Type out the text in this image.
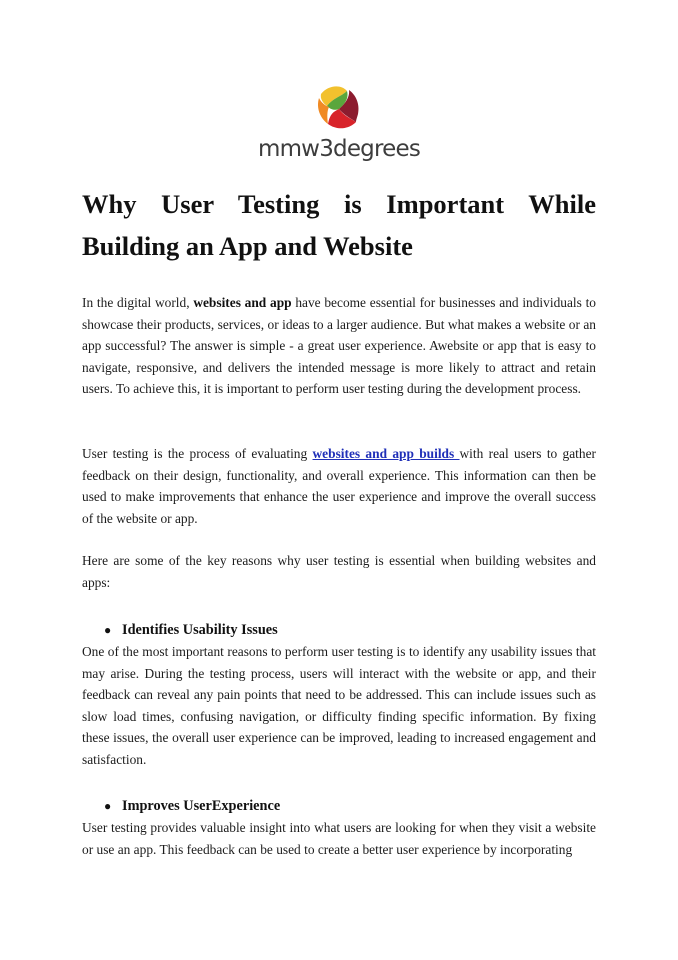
mmw3degrees
Why User Testing is Important While Building an App and Website

In the digital world, websites and app have become essential for businesses and individuals to showcase their products, services, or ideas to a larger audience. But what makes a website or an app successful? The answer is simple - a great user experience. Awebsite or app that is easy to navigate, responsive, and delivers the intended message is more likely to attract and retain users. To achieve this, it is important to perform user testing during the development process.

User testing is the process of evaluating websites and app builds with real users to gather feedback on their design, functionality, and overall experience. This information can then be used to make improvements that enhance the user experience and improve the overall success of the website or app.

Here are some of the key reasons why user testing is essential when building websites and apps:

● Identifies Usability Issues

One of the most important reasons to perform user testing is to identify any usability issues that may arise. During the testing process, users will interact with the website or app, and their feedback can reveal any pain points that need to be addressed. This can include issues such as slow load times, confusing navigation, or difficulty finding specific information. By fixing these issues, the overall user experience can be improved, leading to increased engagement and satisfaction.

● Improves UserExperience

User testing provides valuable insight into what users are looking for when they visit a website or use an app. This feedback can be used to create a better user experience by incorporating
